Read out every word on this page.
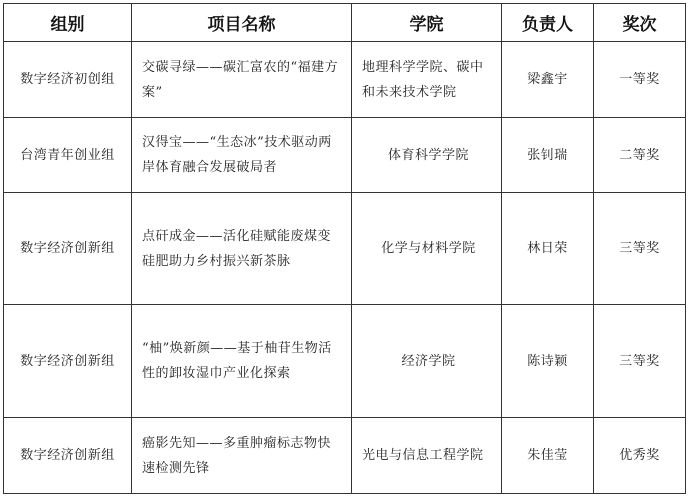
组别	项目名称	学院	负责人	奖次
数字经济初创组	交碳寻绿——碳汇富农的“福建方案”	地理科学学院、碳中和未来技术学院	梁鑫宇	一等奖
台湾青年创业组	汉得宝——“生态冰”技术驱动两岸体育融合发展破局者	体育科学学院	张钊瑞	二等奖
数字经济创新组	点矸成金——活化硅赋能废煤变硅肥助力乡村振兴新茶脉	化学与材料学院	林日荣	三等奖
数字经济创新组	“柚”焕新颜——基于柚苷生物活性的卸妆湿巾产业化探索	经济学院	陈诗颖	三等奖
数字经济创新组	癌影先知——多重肿瘤标志物快速检测先锋	光电与信息工程学院	朱佳莹	优秀奖
